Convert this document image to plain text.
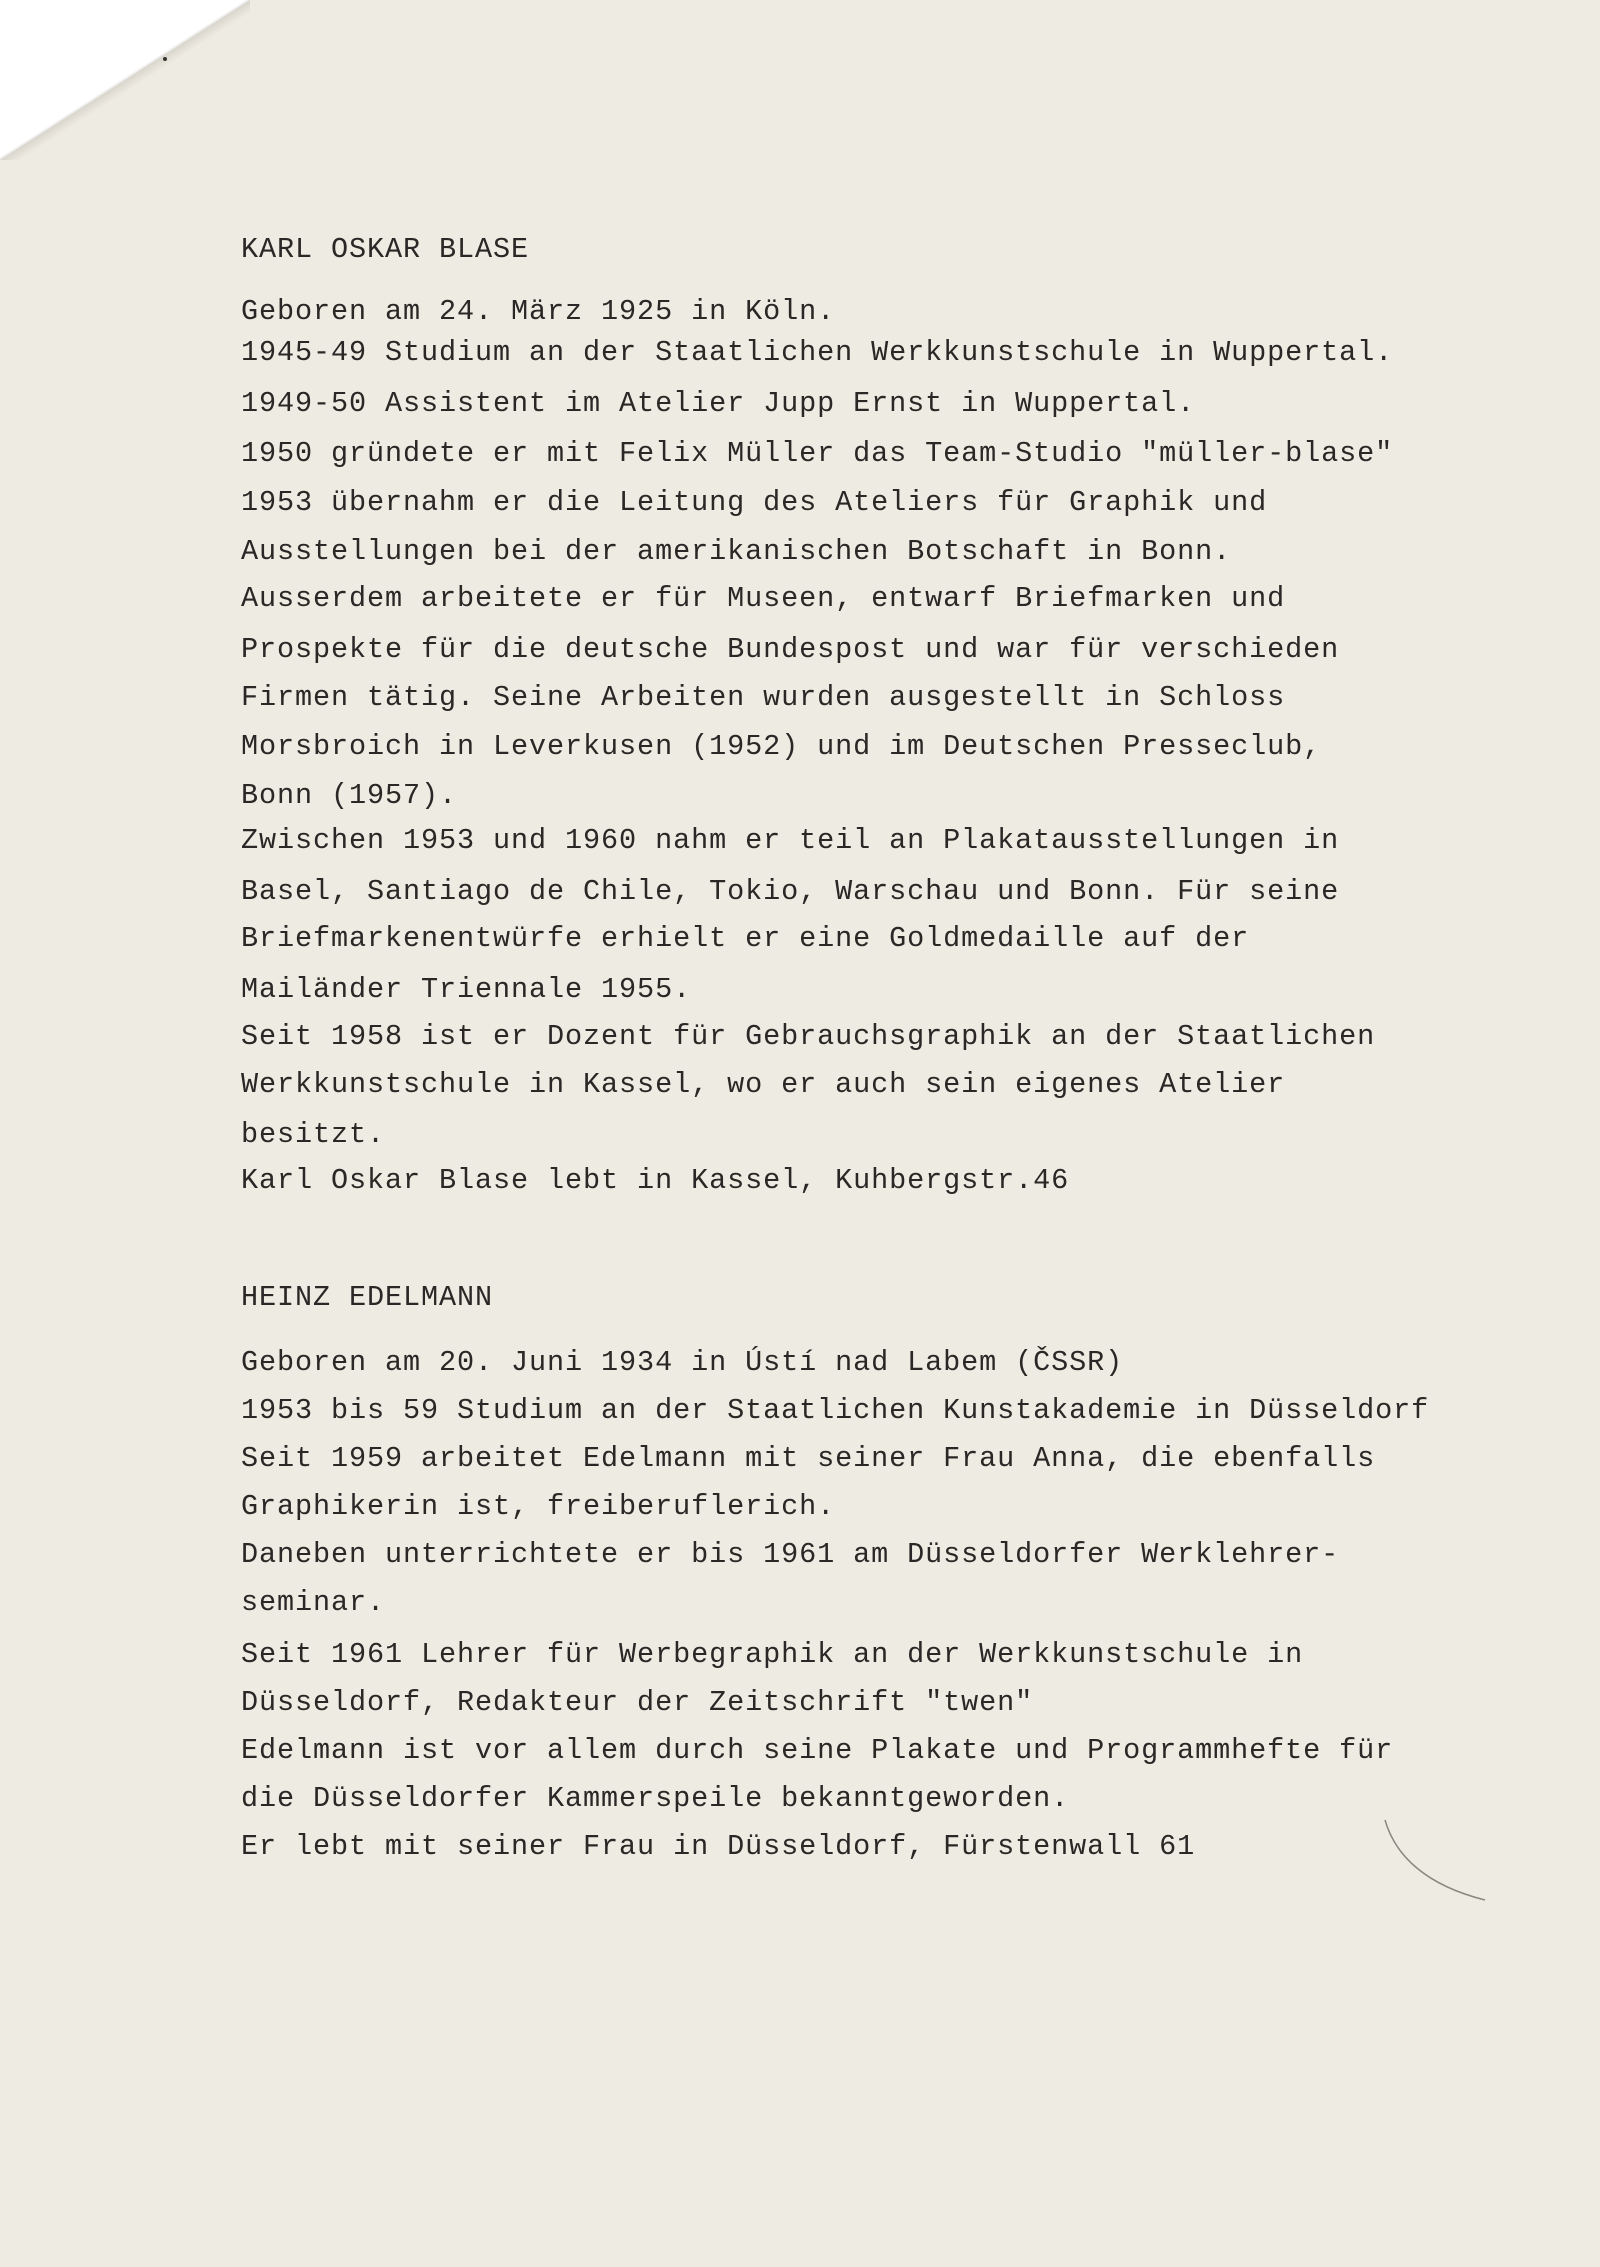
KARL OSKAR BLASE

Geboren am 24. März 1925 in Köln.

1945-49 Studium an der Staatlichen Werkkunstschule in Wuppertal.

1949-50 Assistent im Atelier Jupp Ernst in Wuppertal.

1950 gründete er mit Felix Müller das Team-Studio "müller-blase"

1953 übernahm er die Leitung des Ateliers für Graphik und

Ausstellungen bei der amerikanischen Botschaft in Bonn.

Ausserdem arbeitete er für Museen, entwarf Briefmarken und

Prospekte für die deutsche Bundespost und war für verschieden

Firmen tätig. Seine Arbeiten wurden ausgestellt in Schloss

Morsbroich in Leverkusen (1952) und im Deutschen Presseclub,

Bonn (1957).

Zwischen 1953 und 1960 nahm er teil an Plakatausstellungen in

Basel, Santiago de Chile, Tokio, Warschau und Bonn. Für seine

Briefmarkenentwürfe erhielt er eine Goldmedaille auf der

Mailänder Triennale 1955.

Seit 1958 ist er Dozent für Gebrauchsgraphik an der Staatlichen

Werkkunstschule in Kassel, wo er auch sein eigenes Atelier

besitzt.

Karl Oskar Blase lebt in Kassel, Kuhbergstr.46

HEINZ EDELMANN

Geboren am 20. Juni 1934 in Ústí nad Labem (ČSSR)

1953 bis 59 Studium an der Staatlichen Kunstakademie in Düsseldorf

Seit 1959 arbeitet Edelmann mit seiner Frau Anna, die ebenfalls

Graphikerin ist, freiberuflerich.

Daneben unterrichtete er bis 1961 am Düsseldorfer Werklehrer-

seminar.

Seit 1961 Lehrer für Werbegraphik an der Werkkunstschule in

Düsseldorf, Redakteur der Zeitschrift "twen"

Edelmann ist vor allem durch seine Plakate und Programmhefte für

die Düsseldorfer Kammerspeile bekanntgeworden.

Er lebt mit seiner Frau in Düsseldorf, Fürstenwall 61
